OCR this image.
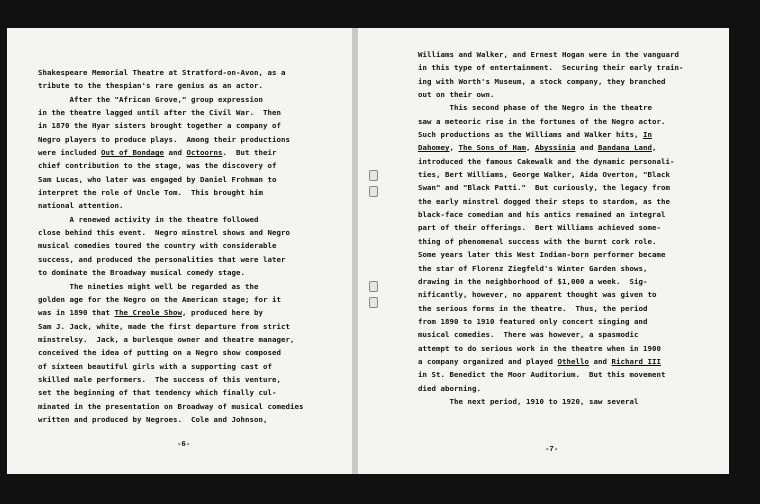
Shakespeare Memorial Theatre at Stratford-on-Avon, as a
tribute to the thespian's rare genius as an actor.
After the "African Grove," group expression
in the theatre lagged until after the Civil War.  Then
in 1870 the Hyar sisters brought together a company of
Negro players to produce plays.  Among their productions
were included Out of Bondage and Octoorns.  But their
chief contribution to the stage, was the discovery of
Sam Lucas, who later was engaged by Daniel Frohman to
interpret the role of Uncle Tom.  This brought him
national attention.
A renewed activity in the theatre followed
close behind this event.  Negro minstrel shows and Negro
musical comedies toured the country with considerable
success, and produced the personalities that were later
to dominate the Broadway musical comedy stage.
The nineties might well be regarded as the
golden age for the Negro on the American stage; for it
was in 1890 that The Creole Show, produced here by
Sam J. Jack, white, made the first departure from strict
minstrelsy.  Jack, a burlesque owner and theatre manager,
conceived the idea of putting on a Negro show composed
of sixteen beautiful girls with a supporting cast of
skilled male performers.  The success of this venture,
set the beginning of that tendency which finally cul-
minated in the presentation on Broadway of musical comedies
written and produced by Negroes.  Cole and Johnson,

-6-
Williams and Walker, and Ernest Hogan were in the vanguard
in this type of entertainment.  Securing their early train-
ing with Worth's Museum, a stock company, they branched
out on their own.
This second phase of the Negro in the theatre
saw a meteoric rise in the fortunes of the Negro actor.
Such productions as the Williams and Walker hits, In
Dahomey, The Sons of Ham, Abyssinia and Bandana Land,
introduced the famous Cakewalk and the dynamic personali-
ties, Bert Williams, George Walker, Aida Overton, "Black
Swan" and "Black Patti."  But curiously, the legacy from
the early minstrel dogged their steps to stardom, as the
black-face comedian and his antics remained an integral
part of their offerings.  Bert Williams achieved some-
thing of phenomenal success with the burnt cork role.
Some years later this West Indian-born performer became
the star of Florenz Ziegfeld's Winter Garden shows,
drawing in the neighborhood of $1,000 a week.  Sig-
nificantly, however, no apparent thought was given to
the serious forms in the theatre.  Thus, the period
from 1890 to 1910 featured only concert singing and
musical comedies.  There was however, a spasmodic
attempt to do serious work in the theatre when in 1900
a company organized and played Othello and Richard III
in St. Benedict the Moor Auditorium.  But this movement
died aborning.
The next period, 1910 to 1920, saw several

-7-
